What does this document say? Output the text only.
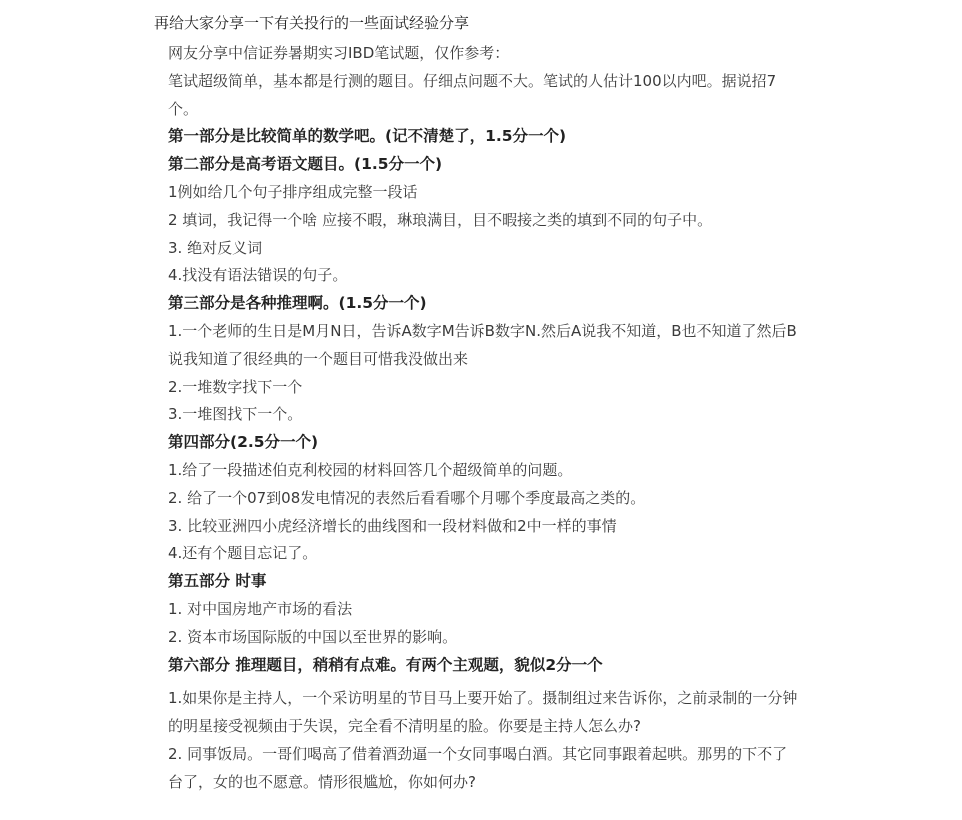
再给大家分享一下有关投行的一些面试经验分享

网友分享中信证券暑期实习IBD笔试题，仅作参考：

笔试超级简单，基本都是行测的题目。仔细点问题不大。笔试的人估计100以内吧。据说招7个。

第一部分是比较简单的数学吧。(记不清楚了，1.5分一个)

第二部分是高考语文题目。(1.5分一个)

1例如给几个句子排序组成完整一段话

2 填词，我记得一个啥 应接不暇，琳琅满目，目不暇接之类的填到不同的句子中。

3. 绝对反义词

4.找没有语法错误的句子。

第三部分是各种推理啊。(1.5分一个)

1.一个老师的生日是M月N日，告诉A数字M告诉B数字N.然后A说我不知道，B也不知道了然后B说我知道了很经典的一个题目可惜我没做出来

2.一堆数字找下一个

3.一堆图找下一个。

第四部分(2.5分一个)

1.给了一段描述伯克利校园的材料回答几个超级简单的问题。

2. 给了一个07到08发电情况的表然后看看哪个月哪个季度最高之类的。

3. 比较亚洲四小虎经济增长的曲线图和一段材料做和2中一样的事情

4.还有个题目忘记了。

第五部分 时事

1. 对中国房地产市场的看法

2. 资本市场国际版的中国以至世界的影响。

第六部分 推理题目，稍稍有点难。有两个主观题，貌似2分一个

1.如果你是主持人，一个采访明星的节目马上要开始了。摄制组过来告诉你，之前录制的一分钟的明星接受视频由于失误，完全看不清明星的脸。你要是主持人怎么办?

2. 同事饭局。一哥们喝高了借着酒劲逼一个女同事喝白酒。其它同事跟着起哄。那男的下不了台了，女的也不愿意。情形很尴尬，你如何办?
